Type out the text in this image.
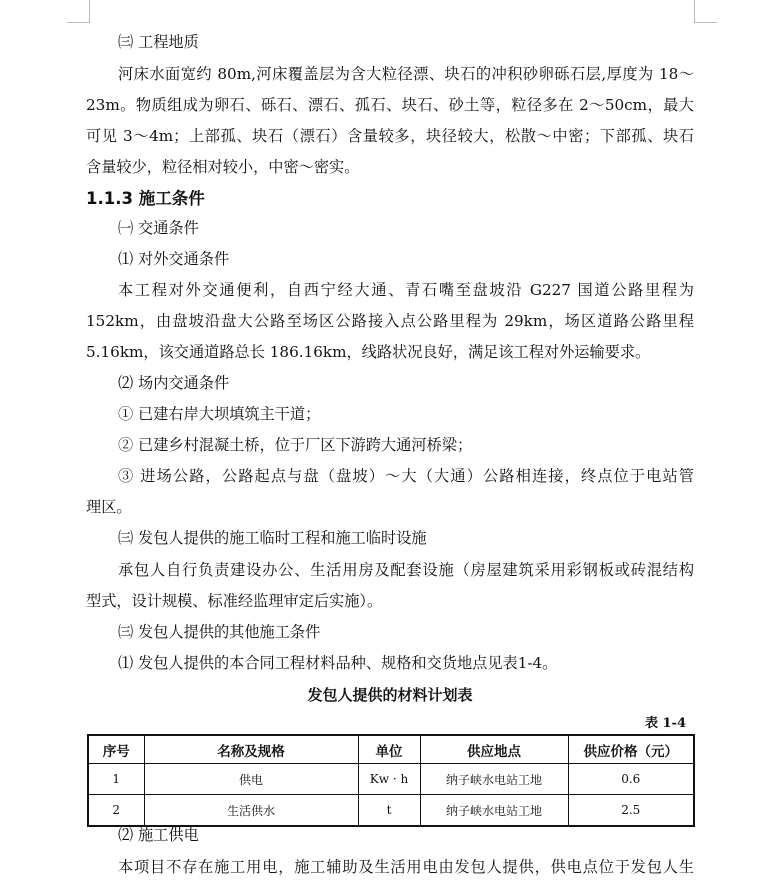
㈢ 工程地质
河床水面宽约 80m,河床覆盖层为含大粒径漂、块石的冲积砂卵砾石层,厚度为 18～
23m。物质组成为卵石、砾石、漂石、孤石、块石、砂土等，粒径多在 2～50cm，最大
可见 3～4m；上部孤、块石（漂石）含量较多，块径较大，松散～中密；下部孤、块石
含量较少，粒径相对较小，中密～密实。
1.1.3 施工条件
㈠ 交通条件
⑴ 对外交通条件
本工程对外交通便利，自西宁经大通、青石嘴至盘坡沿 G227 国道公路里程为
152km，由盘坡沿盘大公路至场区公路接入点公路里程为 29km，场区道路公路里程
5.16km，该交通道路总长 186.16km，线路状况良好，满足该工程对外运输要求。
⑵ 场内交通条件
① 已建右岸大坝填筑主干道；
② 已建乡村混凝土桥，位于厂区下游跨大通河桥梁；
③ 进场公路，公路起点与盘（盘坡）～大（大通）公路相连接，终点位于电站管
理区。
㈢ 发包人提供的施工临时工程和施工临时设施
承包人自行负责建设办公、生活用房及配套设施（房屋建筑采用彩钢板或砖混结构
型式，设计规模、标准经监理审定后实施）。
㈢ 发包人提供的其他施工条件
⑴ 发包人提供的本合同工程材料品种、规格和交货地点见表1-4。
发包人提供的材料计划表
表 1-4
序号	名称及规格	单位	供应地点	供应价格（元）
1	供电	Kw · h	纳子峡水电站工地	0.6
2	生活供水	t	纳子峡水电站工地	2.5
⑵ 施工供电
本项目不存在施工用电，施工辅助及生活用电由发包人提供，供电点位于发包人生
